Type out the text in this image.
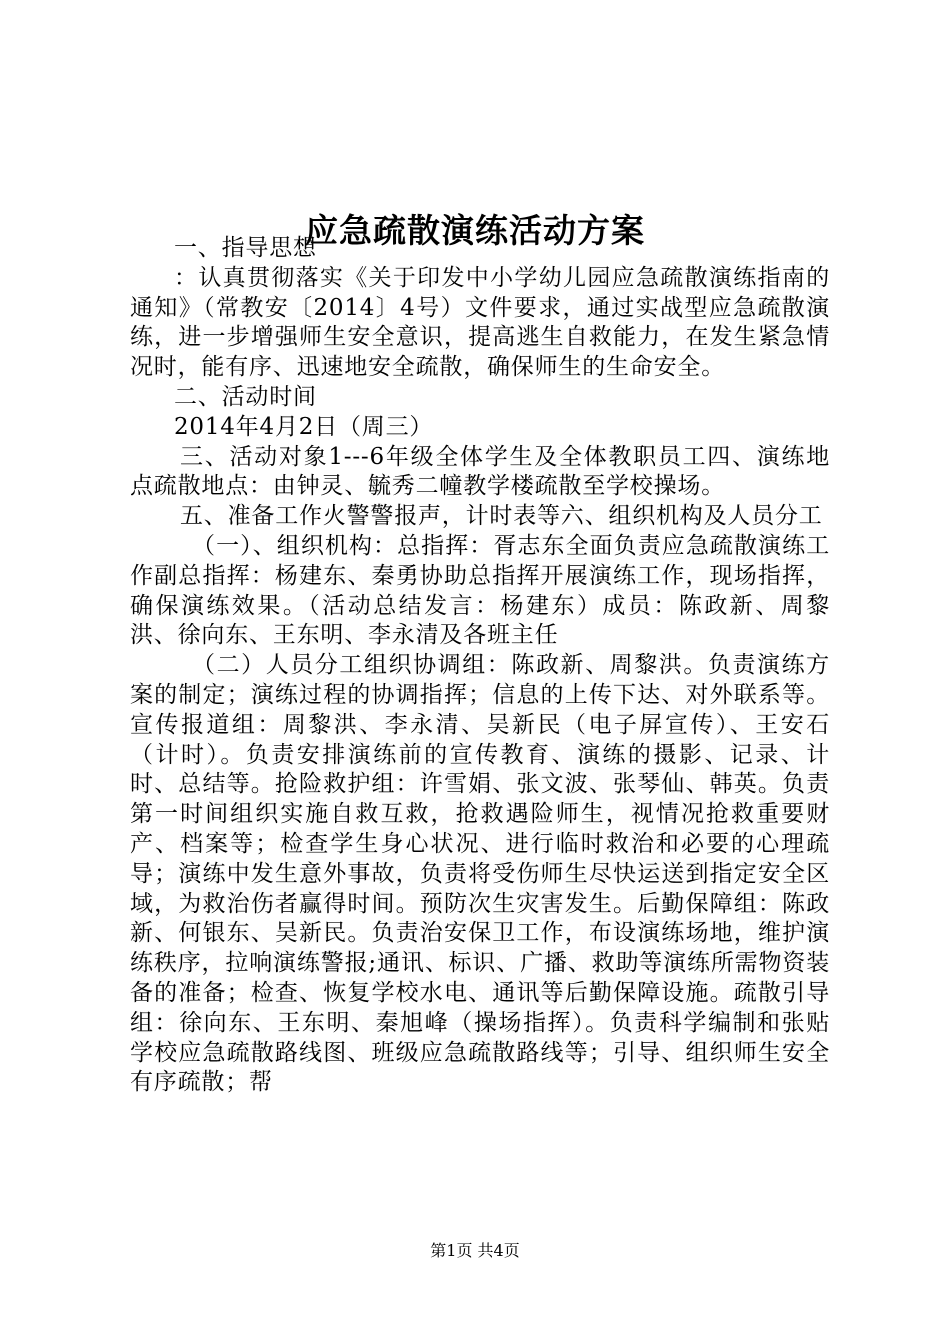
应急疏散演练活动方案

一、指导思想

：认真贯彻落实《关于印发中小学幼儿园应急疏散演练指南的通知》（常教安〔2014〕4号）文件要求，通过实战型应急疏散演练，进一步增强师生安全意识，提高逃生自救能力，在发生紧急情况时，能有序、迅速地安全疏散，确保师生的生命安全。

二、活动时间

2014年4月2日（周三）

三、活动对象1---6年级全体学生及全体教职员工四、演练地点疏散地点：由钟灵、毓秀二幢教学楼疏散至学校操场。

五、准备工作火警警报声，计时表等六、组织机构及人员分工

（一）、组织机构：总指挥：胥志东全面负责应急疏散演练工作副总指挥：杨建东、秦勇协助总指挥开展演练工作，现场指挥，确保演练效果。（活动总结发言：杨建东）成员：陈政新、周黎洪、徐向东、王东明、李永清及各班主任

（二）人员分工组织协调组：陈政新、周黎洪。负责演练方案的制定；演练过程的协调指挥；信息的上传下达、对外联系等。宣传报道组：周黎洪、李永清、吴新民（电子屏宣传）、王安石（计时）。负责安排演练前的宣传教育、演练的摄影、记录、计时、总结等。抢险救护组：许雪娟、张文波、张琴仙、韩英。负责第一时间组织实施自救互救，抢救遇险师生，视情况抢救重要财产、档案等；检查学生身心状况、进行临时救治和必要的心理疏导；演练中发生意外事故，负责将受伤师生尽快运送到指定安全区域，为救治伤者赢得时间。预防次生灾害发生。后勤保障组：陈政新、何银东、吴新民。负责治安保卫工作，布设演练场地，维护演练秩序，拉响演练警报;通讯、标识、广播、救助等演练所需物资装备的准备；检查、恢复学校水电、通讯等后勤保障设施。疏散引导组：徐向东、王东明、秦旭峰（操场指挥）。负责科学编制和张贴学校应急疏散路线图、班级应急疏散路线等；引导、组织师生安全有序疏散；帮

第1页 共4页
